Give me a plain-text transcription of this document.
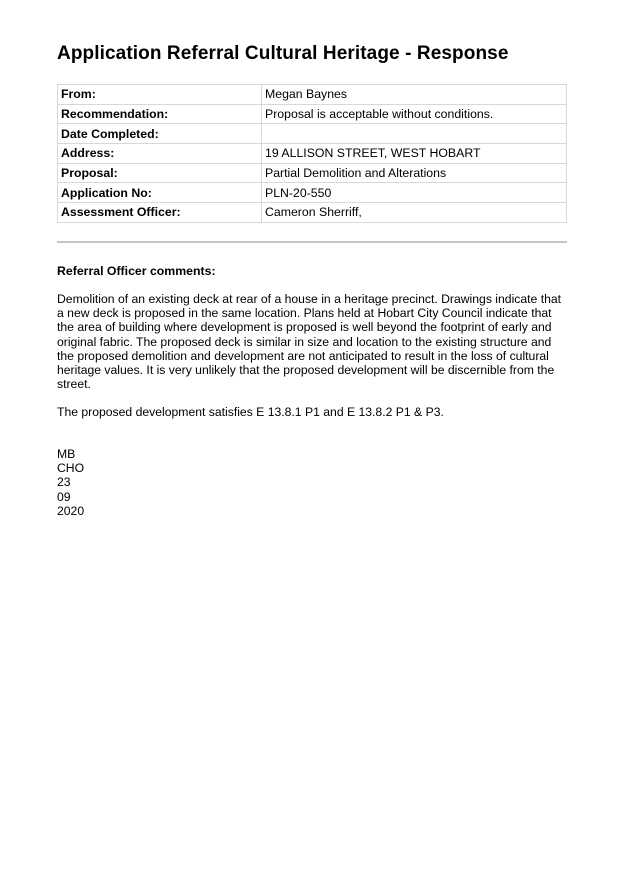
Application Referral Cultural Heritage - Response
From:	Megan Baynes
Recommendation:	Proposal is acceptable without conditions.
Date Completed:	
Address:	19 ALLISON STREET, WEST HOBART
Proposal:	Partial Demolition and Alterations
Application No:	PLN-20-550
Assessment Officer:	Cameron Sherriff,
Referral Officer comments:

Demolition of an existing deck at rear of a house in a heritage precinct. Drawings indicate that a new deck is proposed in the same location. Plans held at Hobart City Council indicate that the area of building where development is proposed is well beyond the footprint of early and original fabric. The proposed deck is similar in size and location to the existing structure and the proposed demolition and development are not anticipated to result in the loss of cultural heritage values. It is very unlikely that the proposed development will be discernible from the street.

The proposed development satisfies E 13.8.1 P1 and E 13.8.2 P1 & P3.

MB
CHO
23
09
2020
